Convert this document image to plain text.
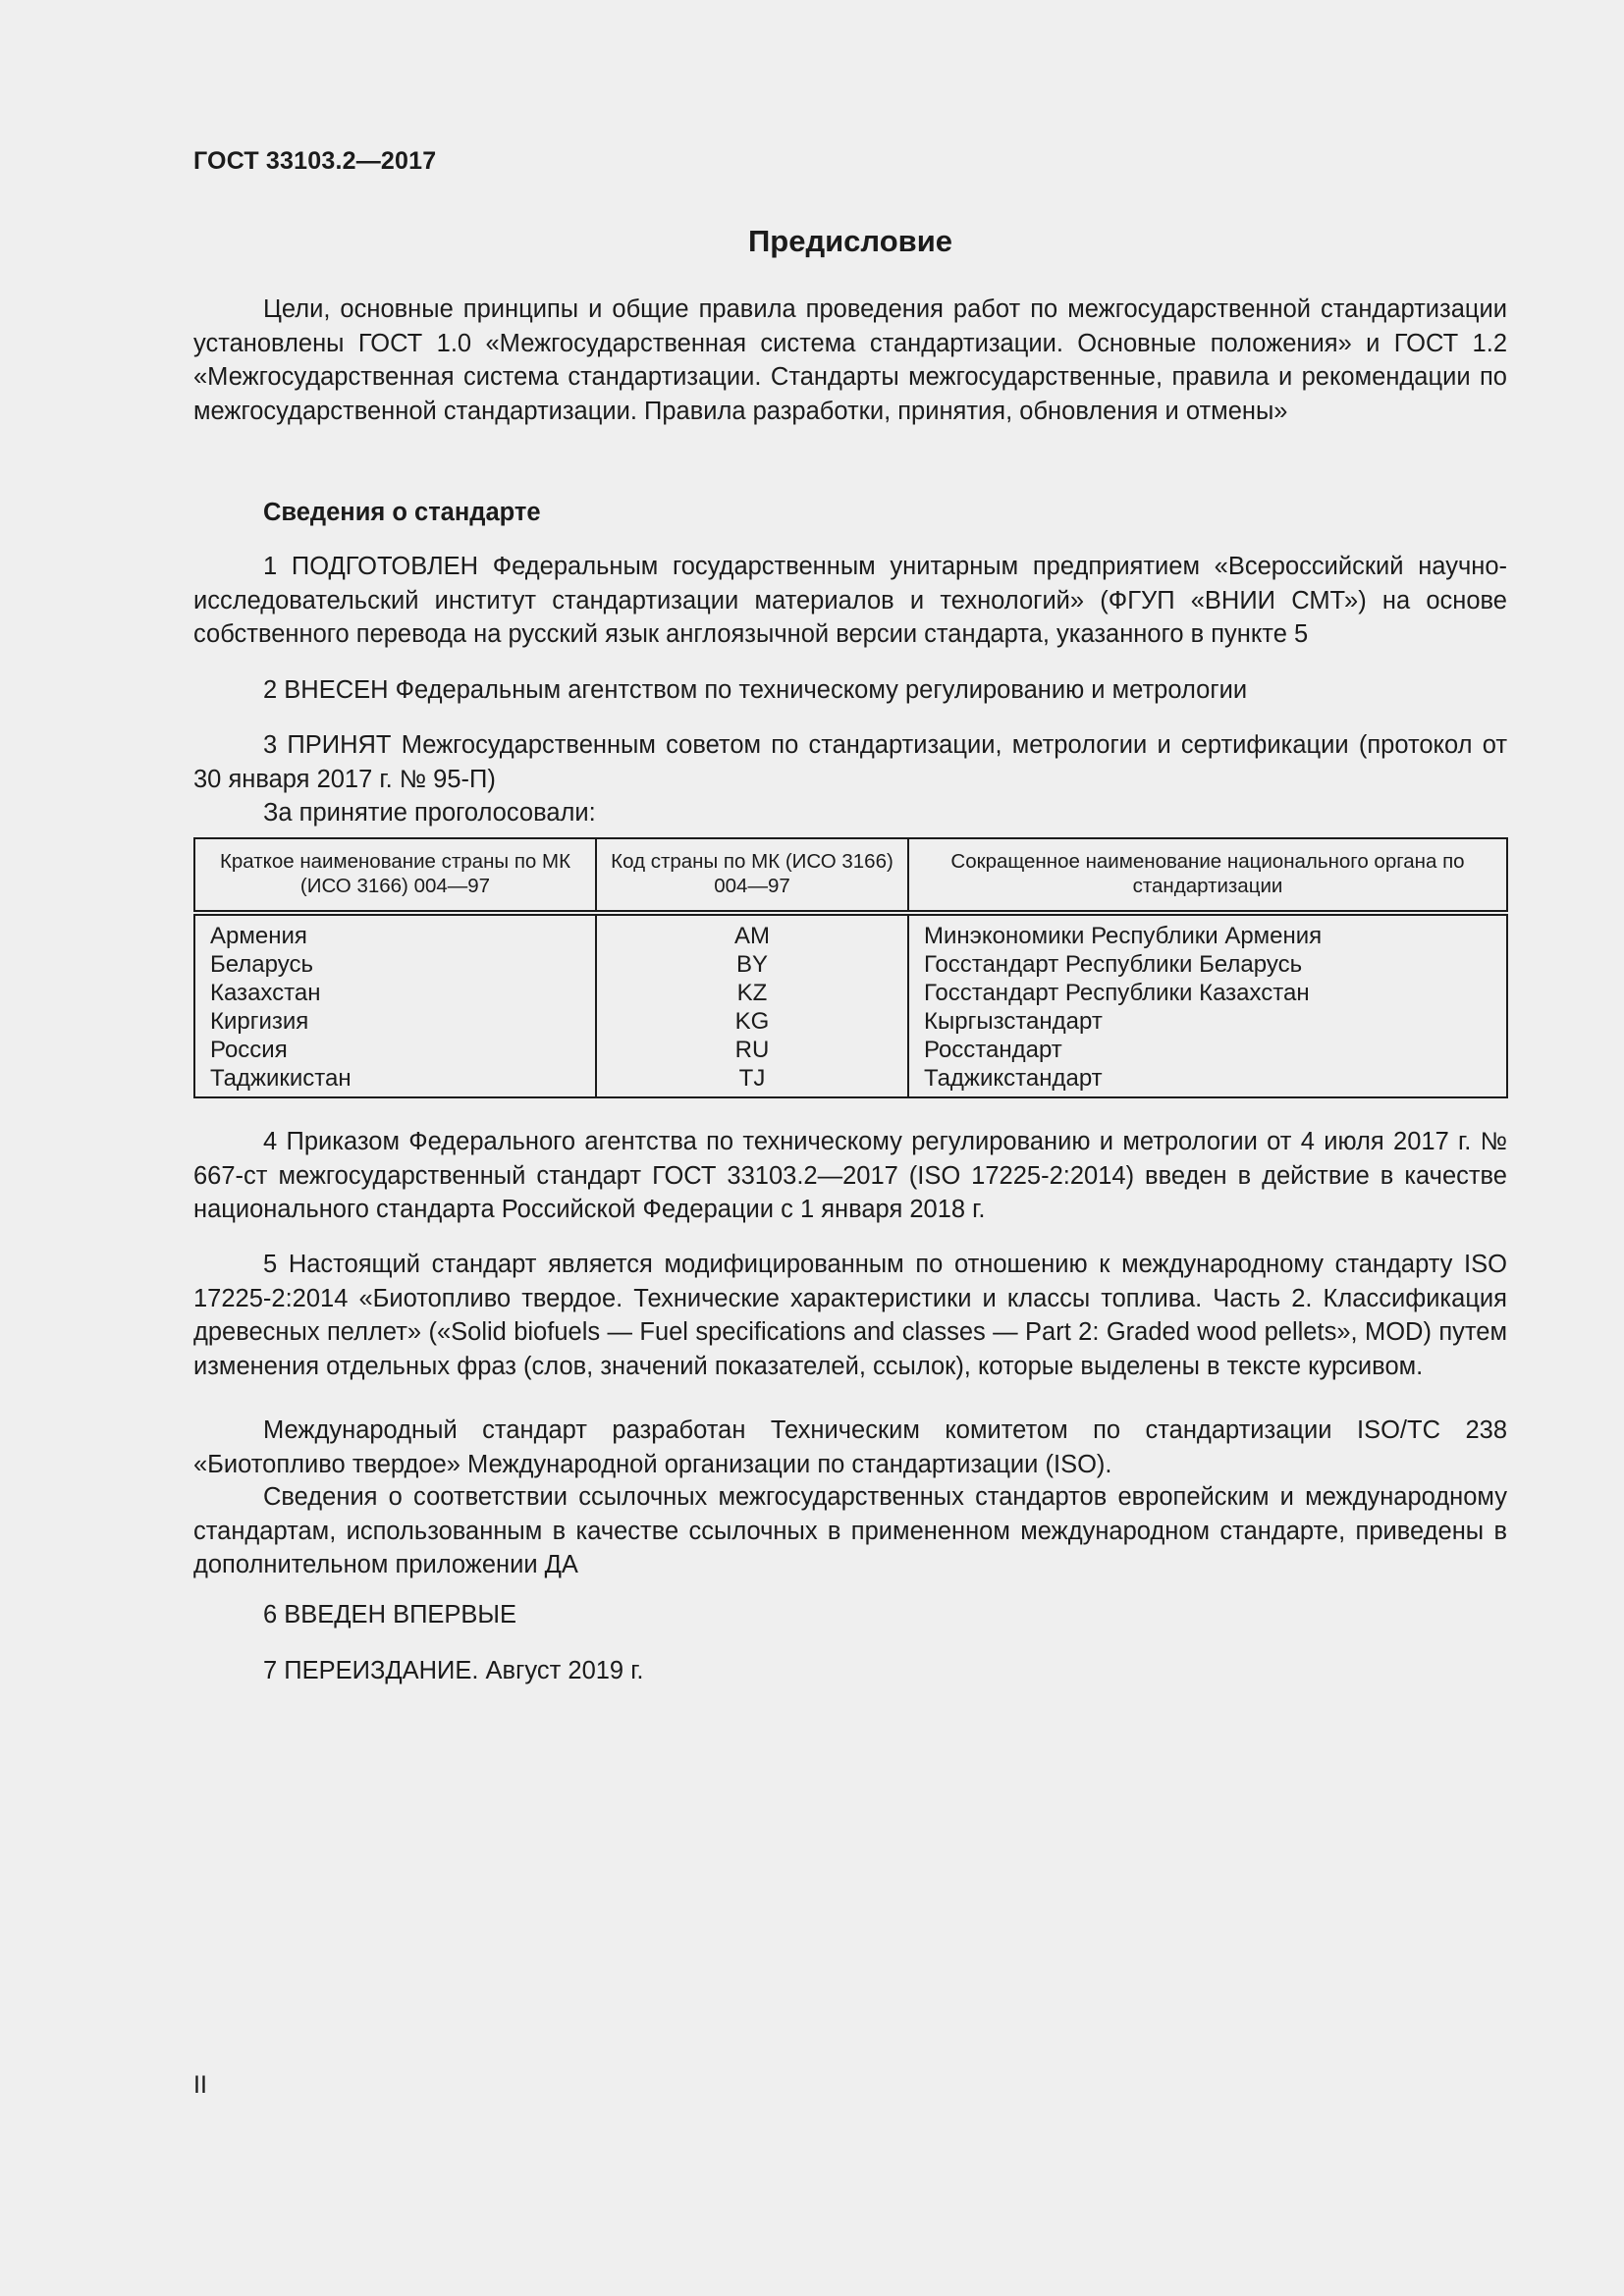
ГОСТ 33103.2—2017
Предисловие

Цели, основные принципы и общие правила проведения работ по межгосударственной стандартизации установлены ГОСТ 1.0 «Межгосударственная система стандартизации. Основные положения» и ГОСТ 1.2 «Межгосударственная система стандартизации. Стандарты межгосударственные, правила и рекомендации по межгосударственной стандартизации. Правила разработки, принятия, обновления и отмены»

Сведения о стандарте

1 ПОДГОТОВЛЕН Федеральным государственным унитарным предприятием «Всероссийский научно-исследовательский институт стандартизации материалов и технологий» (ФГУП «ВНИИ СМТ») на основе собственного перевода на русский язык англоязычной версии стандарта, указанного в пункте 5

2 ВНЕСЕН Федеральным агентством по техническому регулированию и метрологии

3 ПРИНЯТ Межгосударственным советом по стандартизации, метрологии и сертификации (протокол от 30 января 2017 г. № 95-П)

За принятие проголосовали:

Краткое наименование страны по МК (ИСО 3166) 004—97	Код страны по МК (ИСО 3166) 004—97	Сокращенное наименование национального органа по стандартизации
Армения	AM	Минэкономики Республики Армения
Беларусь	BY	Госстандарт Республики Беларусь
Казахстан	KZ	Госстандарт Республики Казахстан
Киргизия	KG	Кыргызстандарт
Россия	RU	Росстандарт
Таджикистан	TJ	Таджикстандарт

4 Приказом Федерального агентства по техническому регулированию и метрологии от 4 июля 2017 г. № 667-ст межгосударственный стандарт ГОСТ 33103.2—2017 (ISO 17225-2:2014) введен в действие в качестве национального стандарта Российской Федерации с 1 января 2018 г.

5 Настоящий стандарт является модифицированным по отношению к международному стандарту ISO 17225-2:2014 «Биотопливо твердое. Технические характеристики и классы топлива. Часть 2. Классификация древесных пеллет» («Solid biofuels — Fuel specifications and classes — Part 2: Graded wood pellets», MOD) путем изменения отдельных фраз (слов, значений показателей, ссылок), которые выделены в тексте курсивом.

Международный стандарт разработан Техническим комитетом по стандартизации ISO/TC 238 «Биотопливо твердое» Международной организации по стандартизации (ISO).

Сведения о соответствии ссылочных межгосударственных стандартов европейским и международному стандартам, использованным в качестве ссылочных в примененном международном стандарте, приведены в дополнительном приложении ДА

6 ВВЕДЕН ВПЕРВЫЕ

7 ПЕРЕИЗДАНИЕ. Август 2019 г.

II
